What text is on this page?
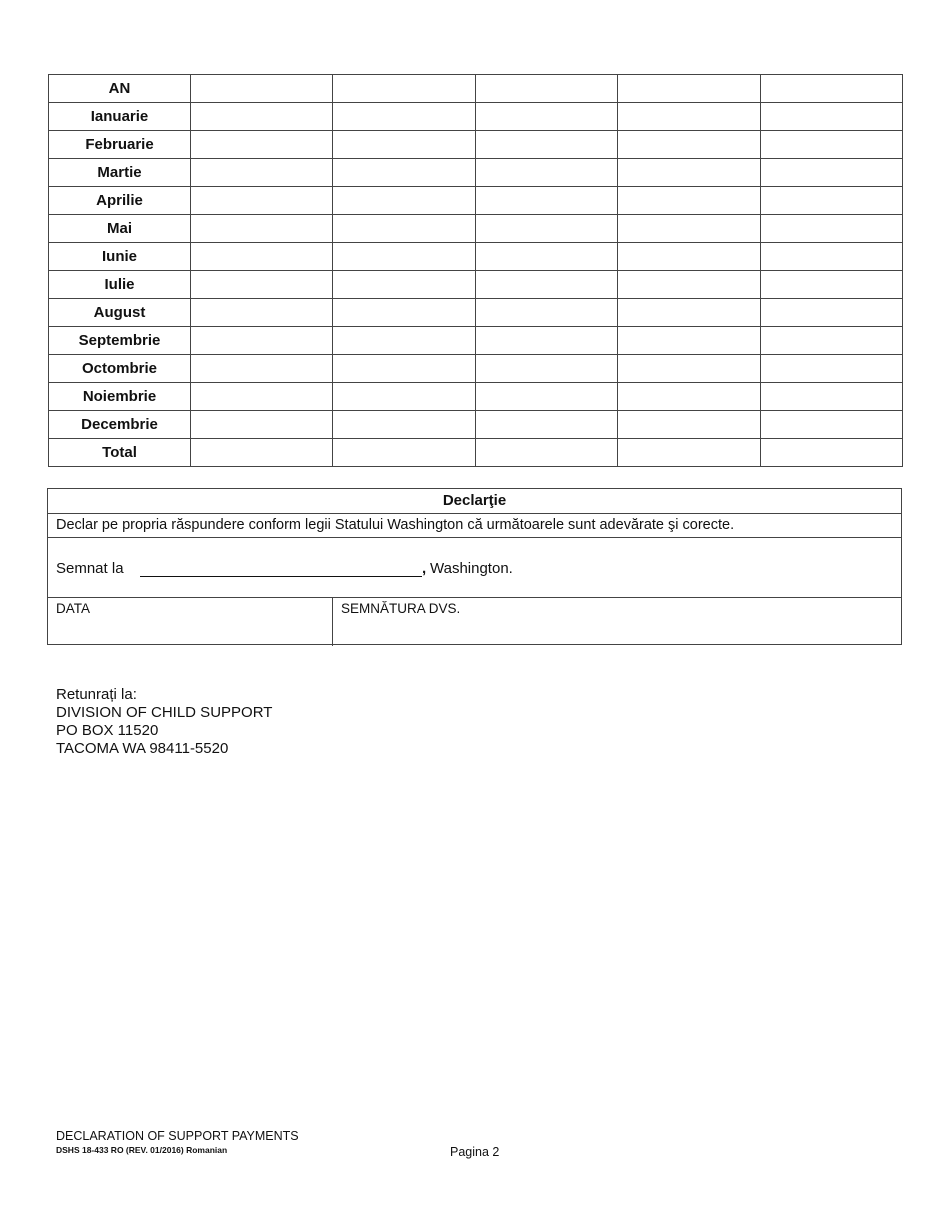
AN					
Ianuarie					
Februarie					
Martie					
Aprilie					
Mai					
Iunie					
Iulie					
August					
Septembrie					
Octombrie					
Noiembrie					
Decembrie					
Total					
Declarţie
Declar pe propria răspundere conform legii Statului Washington că următoarele sunt adevărate şi corecte.
Semnat la	, Washington.
DATA	SEMNĂTURA DVS.
Retunrați la:
DIVISION OF CHILD SUPPORT
PO BOX 11520
TACOMA WA 98411-5520
DECLARATION OF SUPPORT PAYMENTS
DSHS 18-433 RO (REV. 01/2016) Romanian	Pagina 2
